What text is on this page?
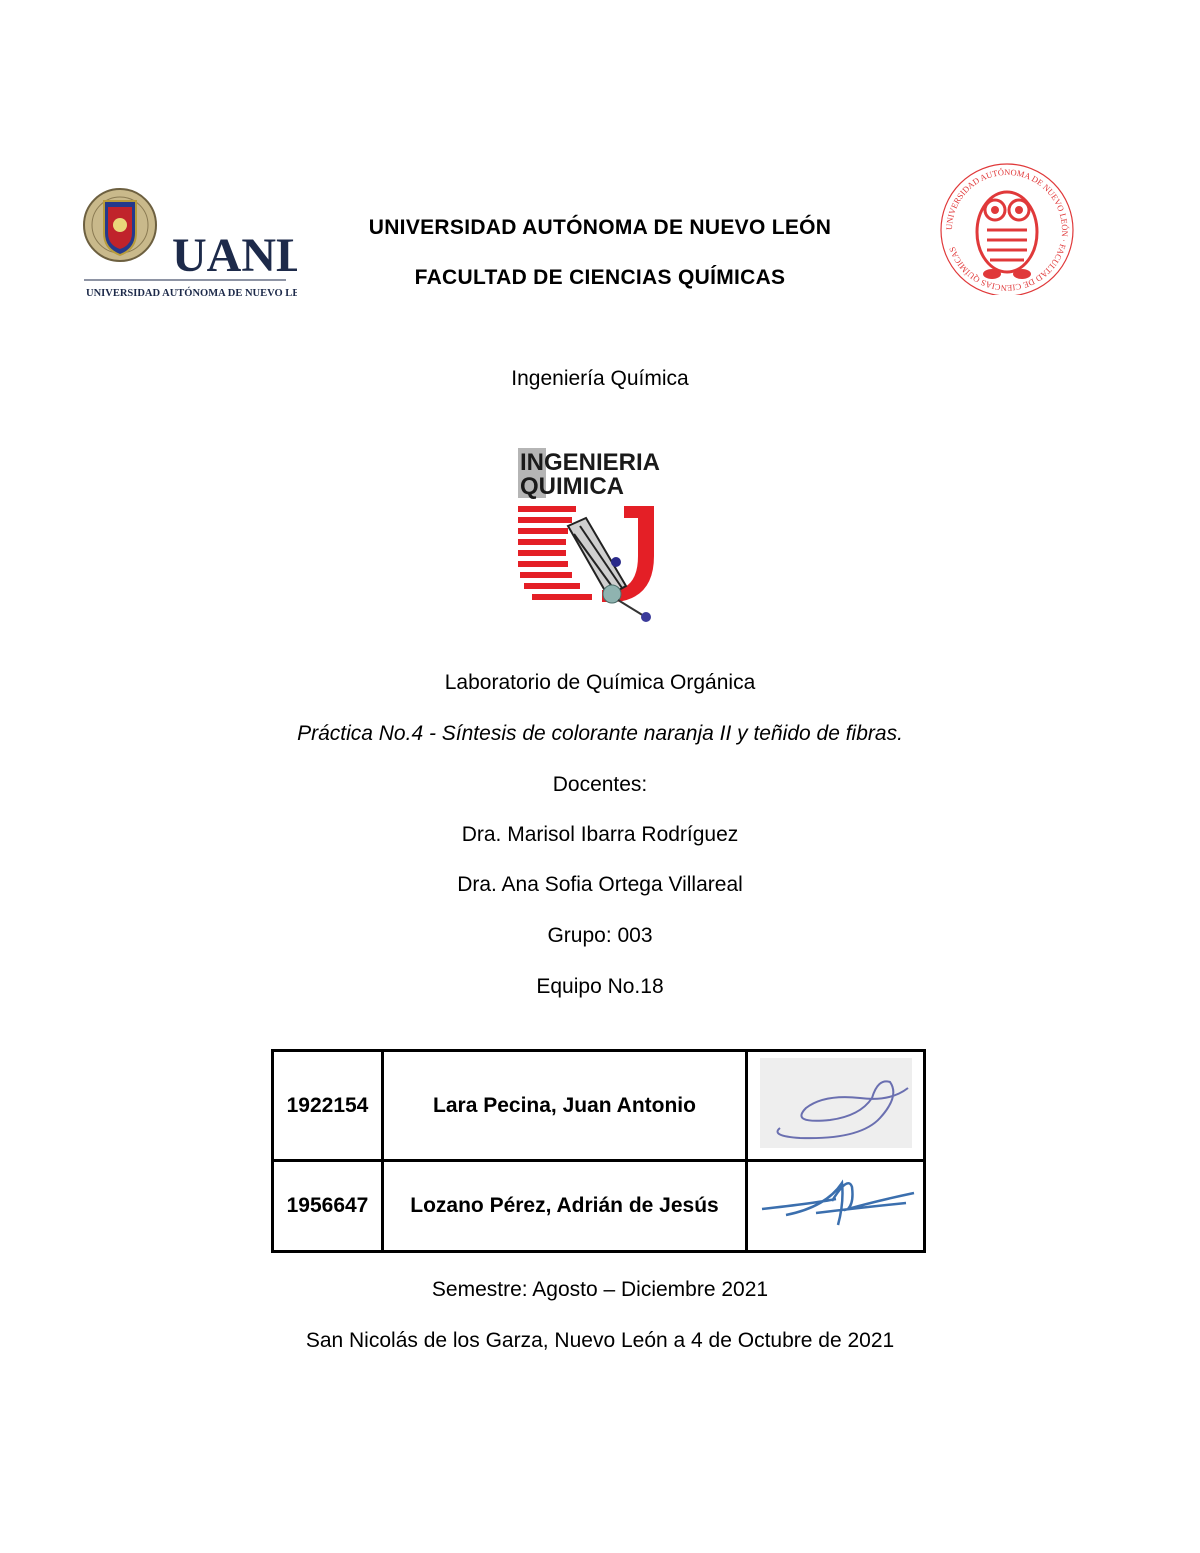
UANL
UNIVERSIDAD AUTÓNOMA DE NUEVO LEÓN
UNIVERSIDAD AUTÓNOMA DE NUEVO LEÓN
FACULTAD DE CIENCIAS QUÍMICAS
UNIVERSIDAD AUTÓNOMA DE NUEVO LEÓN · FACULTAD DE CIENCIAS QUÍMICAS
Ingeniería Química
INGENIERIA
QUIMICA
Laboratorio de Química Orgánica
Práctica No.4 - Síntesis de colorante naranja II y teñido de fibras.
Docentes:
Dra. Marisol Ibarra Rodríguez
Dra. Ana Sofia Ortega Villareal
Grupo: 003
Equipo No.18
1922154	Lara Pecina, Juan Antonio	
1956647	Lozano Pérez, Adrián de Jesús	
Semestre: Agosto – Diciembre 2021
San Nicolás de los Garza, Nuevo León a 4 de Octubre de 2021
